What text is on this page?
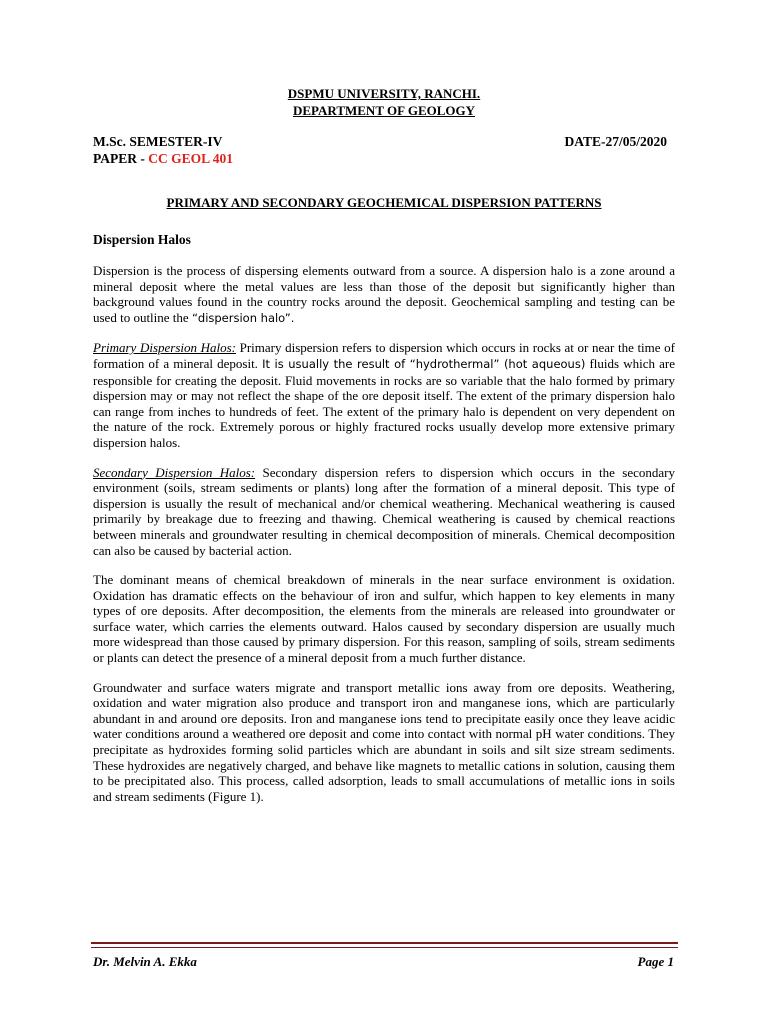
DSPMU UNIVERSITY, RANCHI.
DEPARTMENT OF GEOLOGY
M.Sc. SEMESTER-IV	DATE-27/05/2020
PAPER - CC GEOL 401
PRIMARY AND SECONDARY GEOCHEMICAL DISPERSION PATTERNS
Dispersion Halos

Dispersion is the process of dispersing elements outward from a source. A dispersion halo is a zone around a mineral deposit where the metal values are less than those of the deposit but significantly higher than background values found in the country rocks around the deposit. Geochemical sampling and testing can be used to outline the “dispersion halo”.

Primary Dispersion Halos: Primary dispersion refers to dispersion which occurs in rocks at or near the time of formation of a mineral deposit. It is usually the result of “hydrothermal” (hot aqueous) fluids which are responsible for creating the deposit. Fluid movements in rocks are so variable that the halo formed by primary dispersion may or may not reflect the shape of the ore deposit itself. The extent of the primary dispersion halo can range from inches to hundreds of feet. The extent of the primary halo is dependent on very dependent on the nature of the rock. Extremely porous or highly fractured rocks usually develop more extensive primary dispersion halos.

Secondary Dispersion Halos: Secondary dispersion refers to dispersion which occurs in the secondary environment (soils, stream sediments or plants) long after the formation of a mineral deposit. This type of dispersion is usually the result of mechanical and/or chemical weathering. Mechanical weathering is caused primarily by breakage due to freezing and thawing. Chemical weathering is caused by chemical reactions between minerals and groundwater resulting in chemical decomposition of minerals. Chemical decomposition can also be caused by bacterial action.

The dominant means of chemical breakdown of minerals in the near surface environment is oxidation. Oxidation has dramatic effects on the behaviour of iron and sulfur, which happen to key elements in many types of ore deposits. After decomposition, the elements from the minerals are released into groundwater or surface water, which carries the elements outward. Halos caused by secondary dispersion are usually much more widespread than those caused by primary dispersion. For this reason, sampling of soils, stream sediments or plants can detect the presence of a mineral deposit from a much further distance.

Groundwater and surface waters migrate and transport metallic ions away from ore deposits. Weathering, oxidation and water migration also produce and transport iron and manganese ions, which are particularly abundant in and around ore deposits. Iron and manganese ions tend to precipitate easily once they leave acidic water conditions around a weathered ore deposit and come into contact with normal pH water conditions. They precipitate as hydroxides forming solid particles which are abundant in soils and silt size stream sediments. These hydroxides are negatively charged, and behave like magnets to metallic cations in solution, causing them to be precipitated also. This process, called adsorption, leads to small accumulations of metallic ions in soils and stream sediments (Figure 1).

Dr. Melvin A. Ekka	Page 1
